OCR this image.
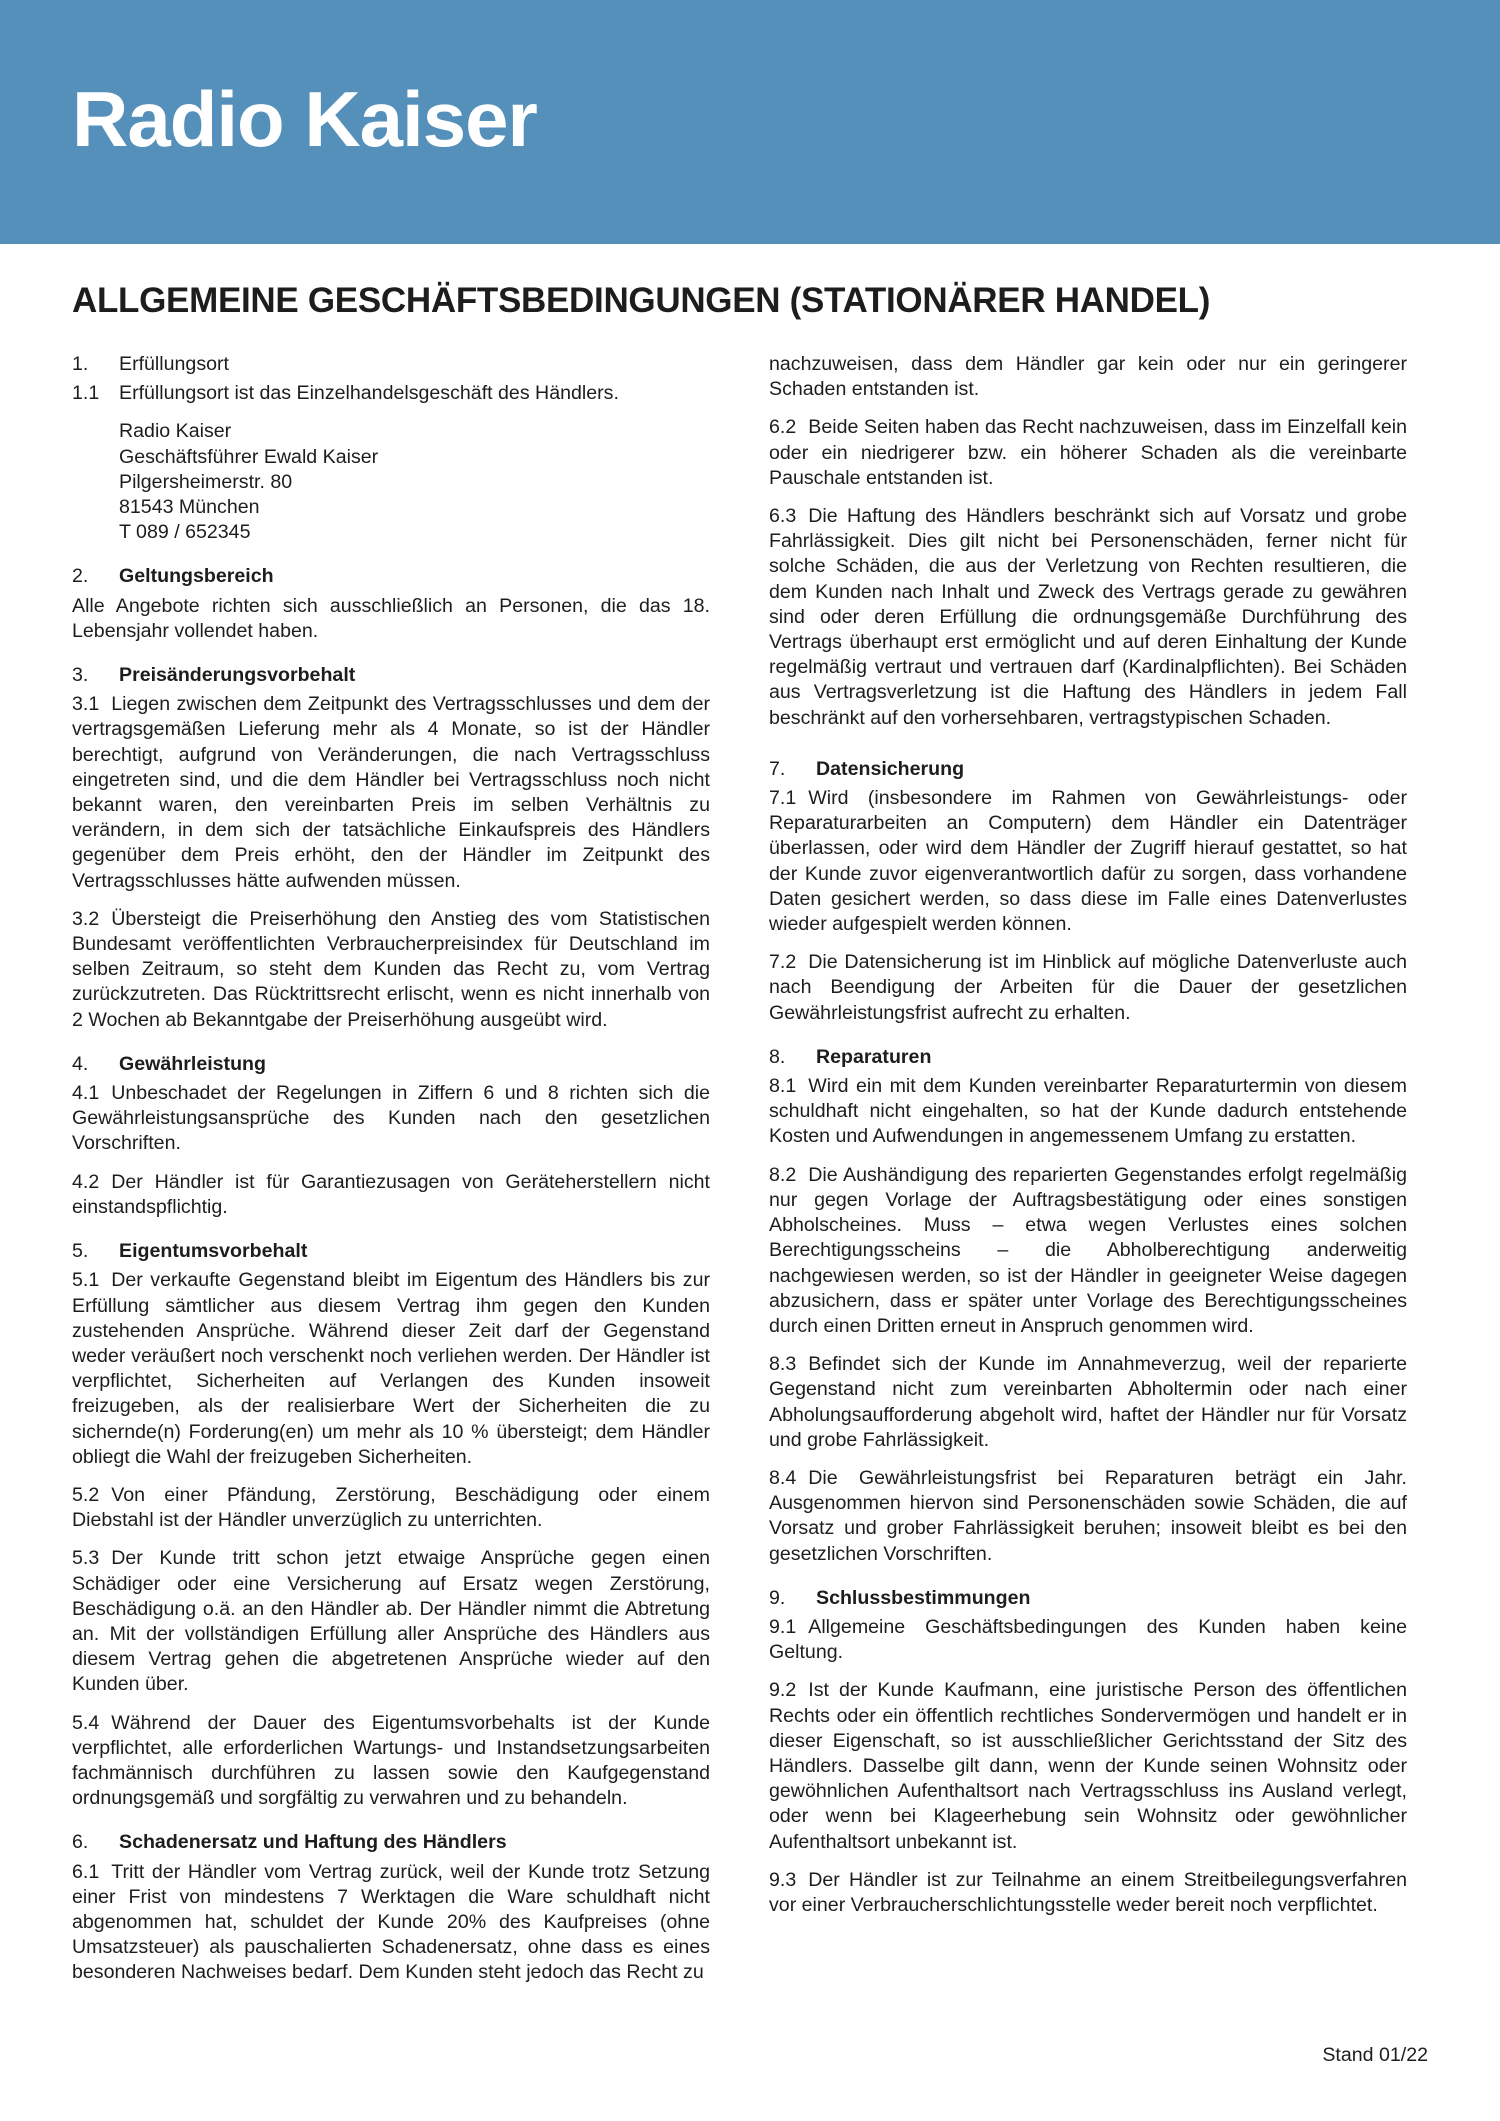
Radio Kaiser
ALLGEMEINE GESCHÄFTSBEDINGUNGEN (STATIONÄRER HANDEL)
1.	Erfüllungsort
1.1	Erfüllungsort ist das Einzelhandelsgeschäft des Händlers.
Radio Kaiser
Geschäftsführer Ewald Kaiser
Pilgersheimerstr. 80
81543 München
T 089 / 652345
2.	Geltungsbereich

Alle Angebote richten sich ausschließlich an Personen, die das 18. Lebensjahr vollendet haben.

3.	Preisänderungsvorbehalt

3.1 Liegen zwischen dem Zeitpunkt des Vertragsschlusses und dem der vertragsgemäßen Lieferung mehr als 4 Monate, so ist der Händler berechtigt, aufgrund von Veränderungen, die nach Vertragsschluss eingetreten sind, und die dem Händler bei Vertragsschluss noch nicht bekannt waren, den vereinbarten Preis im selben Verhältnis zu verändern, in dem sich der tatsächliche Einkaufspreis des Händlers gegenüber dem Preis erhöht, den der Händler im Zeitpunkt des Vertragsschlusses hätte aufwenden müssen.

3.2 Übersteigt die Preiserhöhung den Anstieg des vom Statistischen Bundesamt veröffentlichten Verbraucherpreisindex für Deutschland im selben Zeitraum, so steht dem Kunden das Recht zu, vom Vertrag zurückzutreten. Das Rücktrittsrecht erlischt, wenn es nicht innerhalb von 2 Wochen ab Bekanntgabe der Preiserhöhung ausgeübt wird.

4.	Gewährleistung

4.1 Unbeschadet der Regelungen in Ziffern 6 und 8 richten sich die Gewährleistungsansprüche des Kunden nach den gesetzlichen Vorschriften.

4.2 Der Händler ist für Garantiezusagen von Geräteherstellern nicht einstandspflichtig.

5.	Eigentumsvorbehalt

5.1 Der verkaufte Gegenstand bleibt im Eigentum des Händlers bis zur Erfüllung sämtlicher aus diesem Vertrag ihm gegen den Kunden zustehenden Ansprüche. Während dieser Zeit darf der Gegenstand weder veräußert noch verschenkt noch verliehen werden. Der Händler ist verpflichtet, Sicherheiten auf Verlangen des Kunden insoweit freizugeben, als der realisierbare Wert der Sicherheiten die zu sichernde(n) Forderung(en) um mehr als 10 % übersteigt; dem Händler obliegt die Wahl der freizugeben Sicherheiten.

5.2 Von einer Pfändung, Zerstörung, Beschädigung oder einem Diebstahl ist der Händler unverzüglich zu unterrichten.

5.3 Der Kunde tritt schon jetzt etwaige Ansprüche gegen einen Schädiger oder eine Versicherung auf Ersatz wegen Zerstörung, Beschädigung o.ä. an den Händler ab. Der Händler nimmt die Abtretung an. Mit der vollständigen Erfüllung aller Ansprüche des Händlers aus diesem Vertrag gehen die abgetretenen Ansprüche wieder auf den Kunden über.

5.4 Während der Dauer des Eigentumsvorbehalts ist der Kunde verpflichtet, alle erforderlichen Wartungs- und Instandsetzungsarbeiten fachmännisch durchführen zu lassen sowie den Kaufgegenstand ordnungsgemäß und sorgfältig zu verwahren und zu behandeln.

6.	Schadenersatz und Haftung des Händlers

6.1 Tritt der Händler vom Vertrag zurück, weil der Kunde trotz Setzung einer Frist von mindestens 7 Werktagen die Ware schuldhaft nicht abgenommen hat, schuldet der Kunde 20% des Kaufpreises (ohne Umsatzsteuer) als pauschalierten Schadenersatz, ohne dass es eines besonderen Nachweises bedarf. Dem Kunden steht jedoch das Recht zu

nachzuweisen, dass dem Händler gar kein oder nur ein geringerer Schaden entstanden ist.

6.2 Beide Seiten haben das Recht nachzuweisen, dass im Einzelfall kein oder ein niedrigerer bzw. ein höherer Schaden als die vereinbarte Pauschale entstanden ist.

6.3 Die Haftung des Händlers beschränkt sich auf Vorsatz und grobe Fahrlässigkeit. Dies gilt nicht bei Personenschäden, ferner nicht für solche Schäden, die aus der Verletzung von Rechten resultieren, die dem Kunden nach Inhalt und Zweck des Vertrags gerade zu gewähren sind oder deren Erfüllung die ordnungsgemäße Durchführung des Vertrags überhaupt erst ermöglicht und auf deren Einhaltung der Kunde regelmäßig vertraut und vertrauen darf (Kardinalpflichten). Bei Schäden aus Vertragsverletzung ist die Haftung des Händlers in jedem Fall beschränkt auf den vorhersehbaren, vertragstypischen Schaden.

7.	Datensicherung

7.1 Wird (insbesondere im Rahmen von Gewährleistungs- oder Reparaturarbeiten an Computern) dem Händler ein Datenträger überlassen, oder wird dem Händler der Zugriff hierauf gestattet, so hat der Kunde zuvor eigenverantwortlich dafür zu sorgen, dass vorhandene Daten gesichert werden, so dass diese im Falle eines Datenverlustes wieder aufgespielt werden können.

7.2 Die Datensicherung ist im Hinblick auf mögliche Datenverluste auch nach Beendigung der Arbeiten für die Dauer der gesetzlichen Gewährleistungsfrist aufrecht zu erhalten.

8.	Reparaturen

8.1 Wird ein mit dem Kunden vereinbarter Reparaturtermin von diesem schuldhaft nicht eingehalten, so hat der Kunde dadurch entstehende Kosten und Aufwendungen in angemessenem Umfang zu erstatten.

8.2 Die Aushändigung des reparierten Gegenstandes erfolgt regelmäßig nur gegen Vorlage der Auftragsbestätigung oder eines sonstigen Abholscheines. Muss – etwa wegen Verlustes eines solchen Berechtigungsscheins – die Abholberechtigung anderweitig nachgewiesen werden, so ist der Händler in geeigneter Weise dagegen abzusichern, dass er später unter Vorlage des Berechtigungsscheines durch einen Dritten erneut in Anspruch genommen wird.

8.3 Befindet sich der Kunde im Annahmeverzug, weil der reparierte Gegenstand nicht zum vereinbarten Abholtermin oder nach einer Abholungsaufforderung abgeholt wird, haftet der Händler nur für Vorsatz und grobe Fahrlässigkeit.

8.4 Die Gewährleistungsfrist bei Reparaturen beträgt ein Jahr. Ausgenommen hiervon sind Personenschäden sowie Schäden, die auf Vorsatz und grober Fahrlässigkeit beruhen; insoweit bleibt es bei den gesetzlichen Vorschriften.

9.	Schlussbestimmungen

9.1 Allgemeine Geschäftsbedingungen des Kunden haben keine Geltung.

9.2 Ist der Kunde Kaufmann, eine juristische Person des öffentlichen Rechts oder ein öffentlich rechtliches Sondervermögen und handelt er in dieser Eigenschaft, so ist ausschließlicher Gerichtsstand der Sitz des Händlers. Dasselbe gilt dann, wenn der Kunde seinen Wohnsitz oder gewöhnlichen Aufenthaltsort nach Vertragsschluss ins Ausland verlegt, oder wenn bei Klageerhebung sein Wohnsitz oder gewöhnlicher Aufenthaltsort unbekannt ist.

9.3 Der Händler ist zur Teilnahme an einem Streitbeilegungsverfahren vor einer Verbraucherschlichtungsstelle weder bereit noch verpflichtet.

Stand 01/22
